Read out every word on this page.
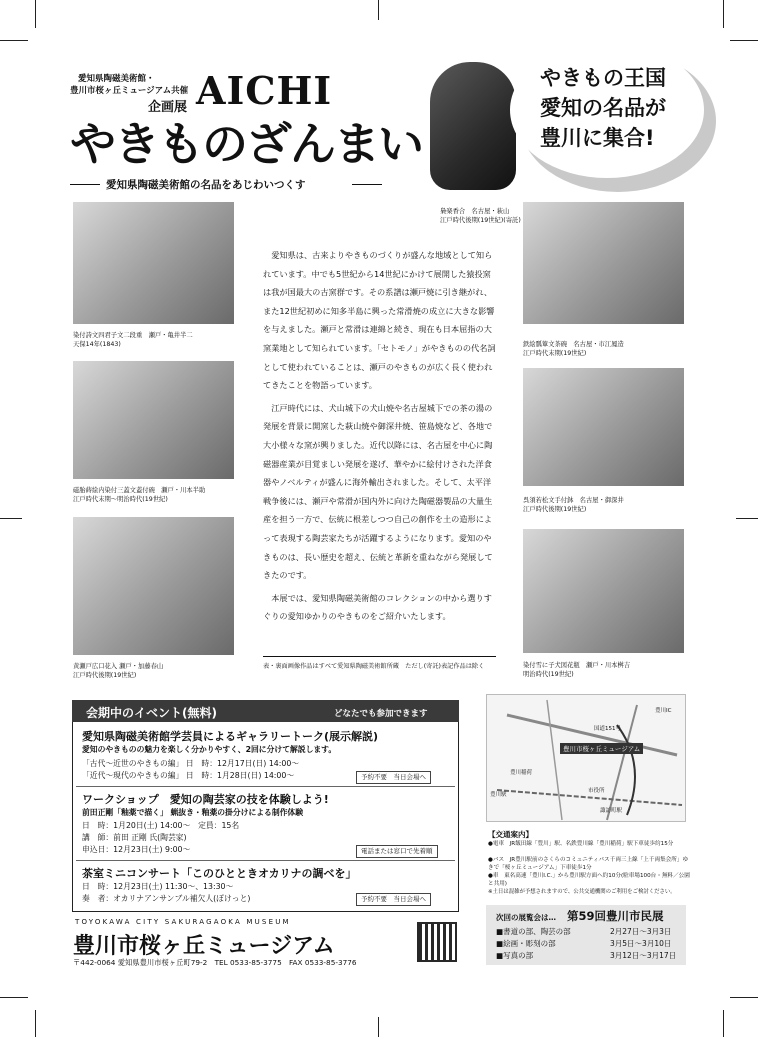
愛知県陶磁美術館・
豊川市桜ヶ丘ミュージアム共催
企画展 AICHI
やきものざんまい
愛知県陶磁美術館の名品をあじわいつくす
梟楽香合　名古屋・萩山
江戸時代後期(19世紀)(寄託)
やきもの王国
愛知の名品が
豊川に集合!
染付詩文四君子文二段重　瀬戸・亀井半二
天保14年(1843)
磁胎蒔絵内染付三蓋文蓋付碗　瀬戸・川本半助
江戸時代末期〜明治時代(19世紀)
黄瀬戸広口花入 瀬戸・加藤春山
江戸時代後期(19世紀)
鉄絵瓢簞文茶碗　名古屋・市江鳳造
江戸時代末期(19世紀)
呉須若松文手付鉢　名古屋・御深井
江戸時代後期(19世紀)
染付雪に子犬図花瓶　瀬戸・川本桝吉
明治時代(19世紀)

愛知県は、古来よりやきものづくりが盛んな地域として知られています。中でも5世紀から14世紀にかけて展開した猿投窯は我が国最大の古窯群です。その系譜は瀬戸焼に引き継がれ、また12世紀初めに知多半島に興った常滑焼の成立に大きな影響を与えました。瀬戸と常滑は連綿と続き、現在も日本屈指の大窯業地として知られています。「セトモノ」がやきものの代名詞として使われていることは、瀬戸のやきものが広く長く使われてきたことを物語っています。

江戸時代には、犬山城下の犬山焼や名古屋城下での茶の湯の発展を背景に開窯した萩山焼や御深井焼、笹島焼など、各地で大小様々な窯が興りました。近代以降には、名古屋を中心に陶磁器産業が目覚ましい発展を遂げ、華やかに絵付けされた洋食器やノベルティが盛んに海外輸出されました。そして、太平洋戦争後には、瀬戸や常滑が国内外に向けた陶磁器製品の大量生産を担う一方で、伝統に根差しつつ自己の創作を土の造形によって表現する陶芸家たちが活躍するようになります。愛知のやきものは、長い歴史を超え、伝統と革新を重ねながら発展してきたのです。

本展では、愛知県陶磁美術館のコレクションの中から選りすぐりの愛知ゆかりのやきものをご紹介いたします。

表・裏面画像作品はすべて愛知県陶磁美術館所蔵　ただし(寄託)表記作品は除く
会期中のイベント(無料)	どなたでも参加できます
愛知県陶磁美術館学芸員によるギャラリートーク(展示解説)
愛知のやきものの魅力を楽しく分かりやすく、2回に分けて解説します。
「古代〜近世のやきもの編」 日　時：12月17日(日) 14:00〜
「近代〜現代のやきもの編」 日　時：1月28日(日) 14:00〜	予約不要　当日会場へ
ワークショップ　愛知の陶芸家の技を体験しよう!
前田正剛「釉薬で描く」 蝋抜き・釉薬の掛分けによる制作体験
日　時：1月20日(土) 14:00〜　定員：15名
講　師：前田 正剛 氏(陶芸家)
申込日：12月23日(土) 9:00〜	電話または窓口で先着順
茶室ミニコンサート「このひとときオカリナの調べを」
日　時：12月23日(土) 11:30〜、13:30〜
奏　者：オカリナアンサンブル補欠人(ぽけっと)	予約不要　当日会場へ
TOYOKAWA CITY SAKURAGAOKA MUSEUM
豊川市桜ヶ丘ミュージアム
〒442-0064 愛知県豊川市桜ヶ丘町79-2　TEL 0533-85-3775　FAX 0533-85-3776
豊川市桜ヶ丘ミュージアム
豊川IC
国道151号
豊川駅
諏訪町駅
豊川稲荷
市役所
【交通案内】
●電車　JR飯田線「豊川」駅、名鉄豊川線「豊川稲荷」駅下車徒歩約15分
●バス　JR豊川駅前のさくらのコミュニティバス千両三上線「上千両集会所」ゆきで「桜ヶ丘ミュージアム」下車徒歩1分
●車　東名高速「豊川I.C.」から豊川駅方面へ約10分(駐車場100台・無料／公園と共用)
※土日は混雑が予想されますので、公共交通機関のご利用をご検討ください。
次回の展覧会は… 第59回豊川市民展
■書道の部、陶芸の部	2月27日〜3月3日
■絵画・彫刻の部	3月5日〜3月10日
■写真の部	3月12日〜3月17日
